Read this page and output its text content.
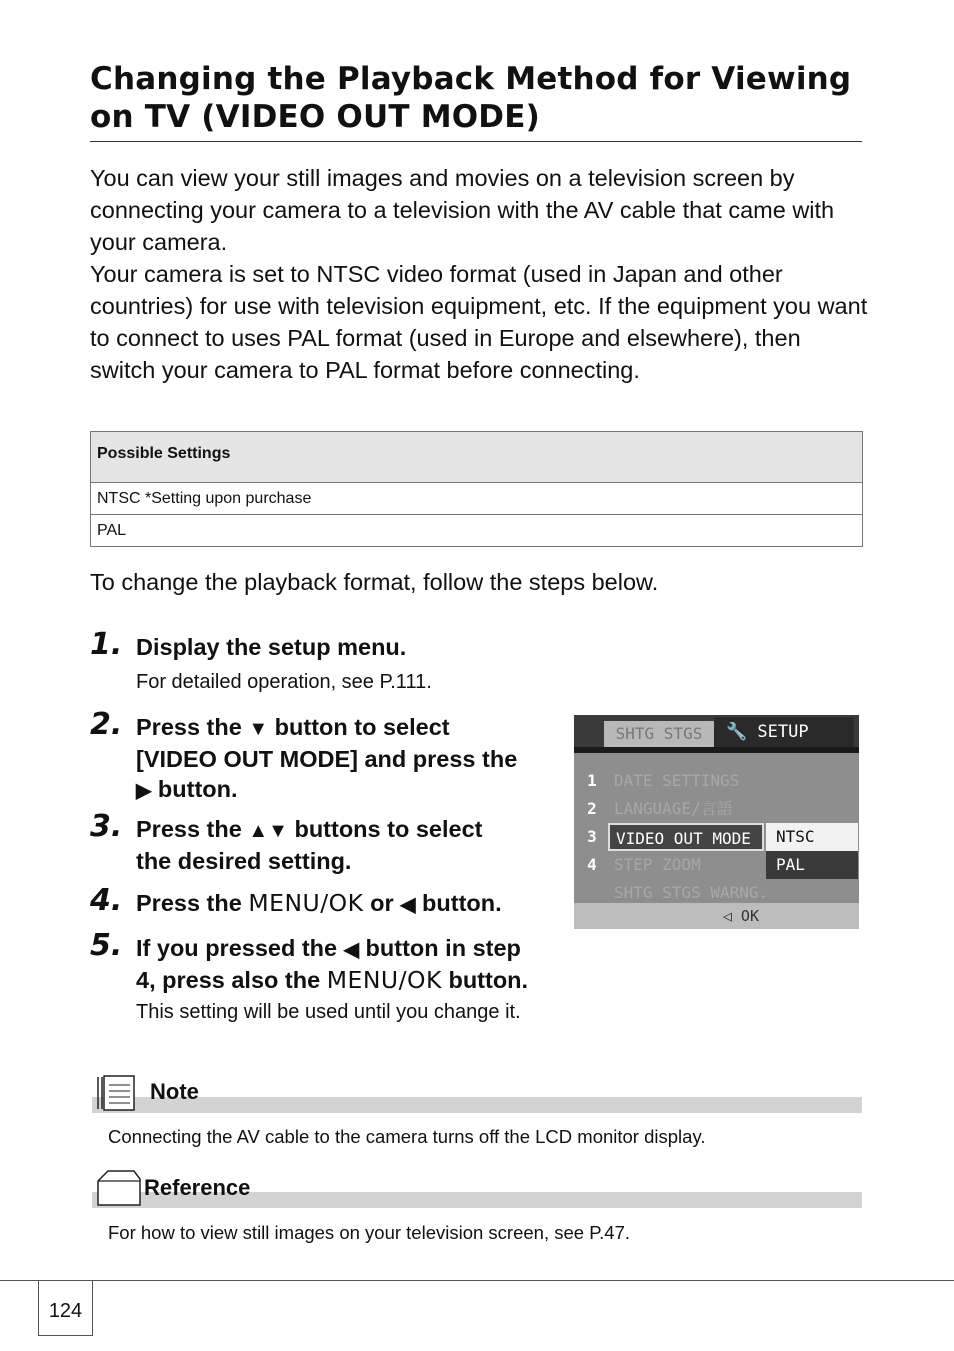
Changing the Playback Method for Viewing on TV (VIDEO OUT MODE)

You can view your still images and movies on a television screen by connecting your camera to a television with the AV cable that came with your camera.

Your camera is set to NTSC video format (used in Japan and other countries) for use with television equipment, etc. If the equipment you want to connect to uses PAL format (used in Europe and elsewhere), then switch your camera to PAL format before connecting.

Possible Settings
NTSC *Setting upon purchase
PAL
To change the playback format, follow the steps below.
1. Display the setup menu.
For detailed operation, see P.111.
2. Press the ▼ button to select
[VIDEO OUT MODE] and press the
▶ button.
3. Press the ▲▼ buttons to select
the desired setting.
4. Press the MENU/OK or ◀ button.
5. If you pressed the ◀ button in step
4, press also the MENU/OK button.
This setting will be used until you change it.
SHTG STGS	🔧 SETUP
1	DATE SETTINGS
2	LANGUAGE/言語
3	VIDEO OUT MODE
4	STEP ZOOM
SHTG STGS WARNG.
NTSC
PAL
◁ OK
Note
Connecting the AV cable to the camera turns off the LCD monitor display.
Reference
For how to view still images on your television screen, see P.47.
124
